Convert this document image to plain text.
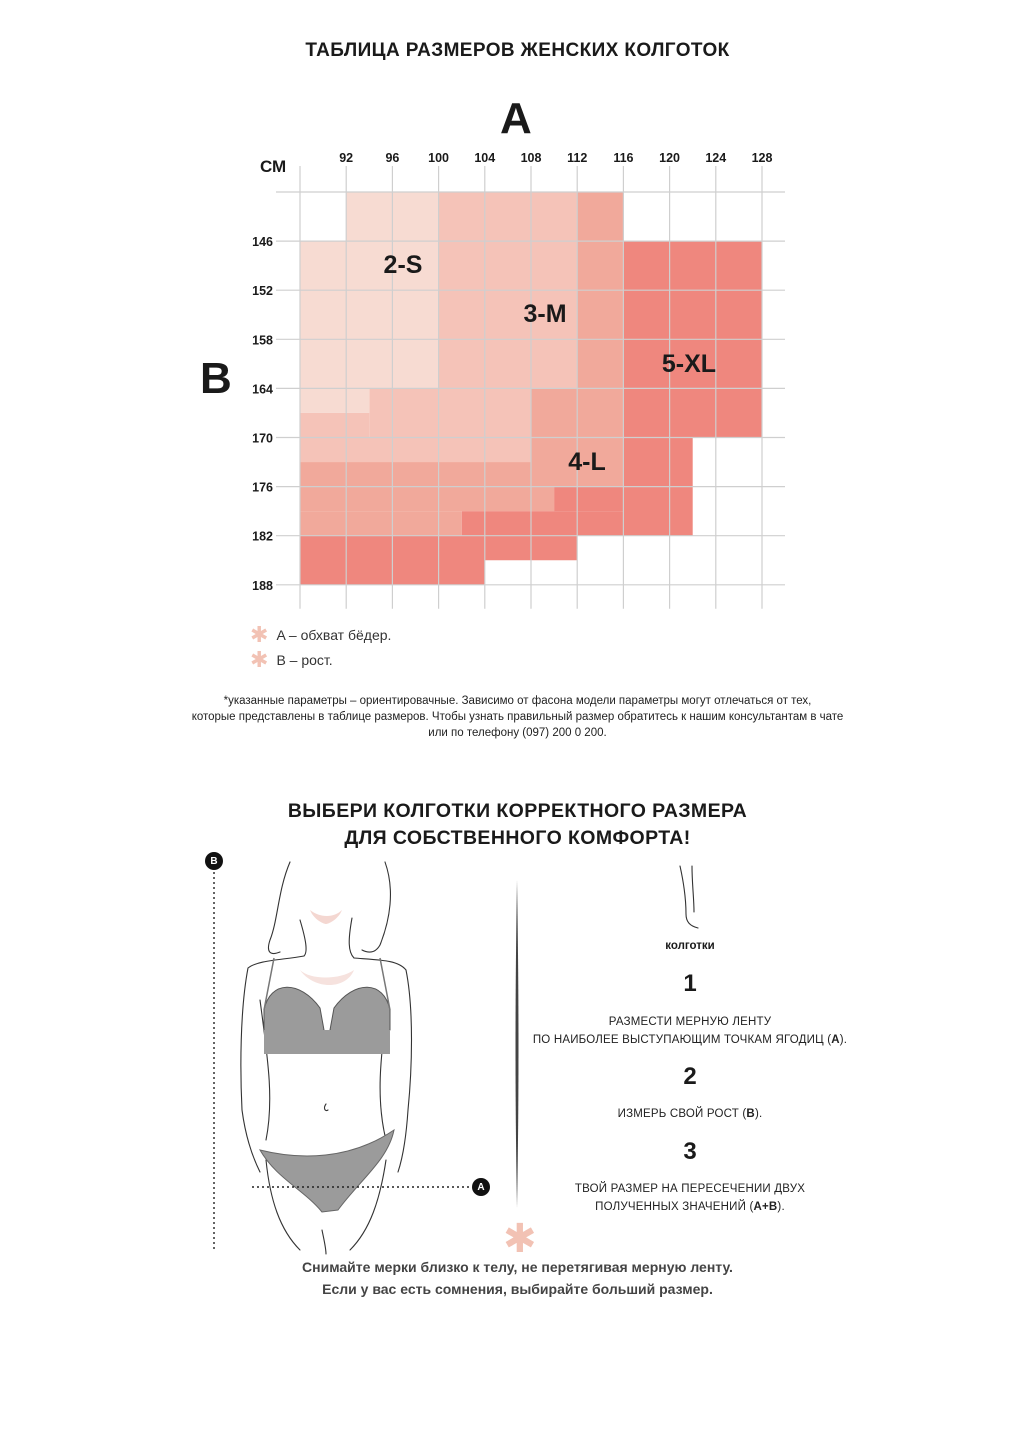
ТАБЛИЦА РАЗМЕРОВ ЖЕНСКИХ КОЛГОТОК
A
B
СМ	92	96 100 104 108 112 116 120 124 128
146
152
158
164
170
176
182
188
2-S
3-M
5-XL
4-L
✱ A – обхват бёдер.
✱ B – рост.
*указанные параметры – ориентировачные. Зависимо от фасона модели параметры могут отлечаться от тех,
которые представлены в таблице размеров. Чтобы узнать правильный размер обратитесь к нашим консультантам в чате
или по телефону (097) 200 0 200.
ВЫБЕРИ КОЛГОТКИ КОРРЕКТНОГО РАЗМЕРА
ДЛЯ СОБСТВЕННОГО КОМФОРТА!
B
A
колготки
1
РАЗМЕСТИ МЕРНУЮ ЛЕНТУ
ПО НАИБОЛЕЕ ВЫСТУПАЮЩИМ ТОЧКАМ ЯГОДИЦ (A).
2
ИЗМЕРЬ СВОЙ РОСТ (B).
3
ТВОЙ РАЗМЕР НА ПЕРЕСЕЧЕНИИ ДВУХ
ПОЛУЧЕННЫХ ЗНАЧЕНИЙ (A+B).
✱
Снимайте мерки близко к телу, не перетягивая мерную ленту.
Если у вас есть сомнения, выбирайте больший размер.
